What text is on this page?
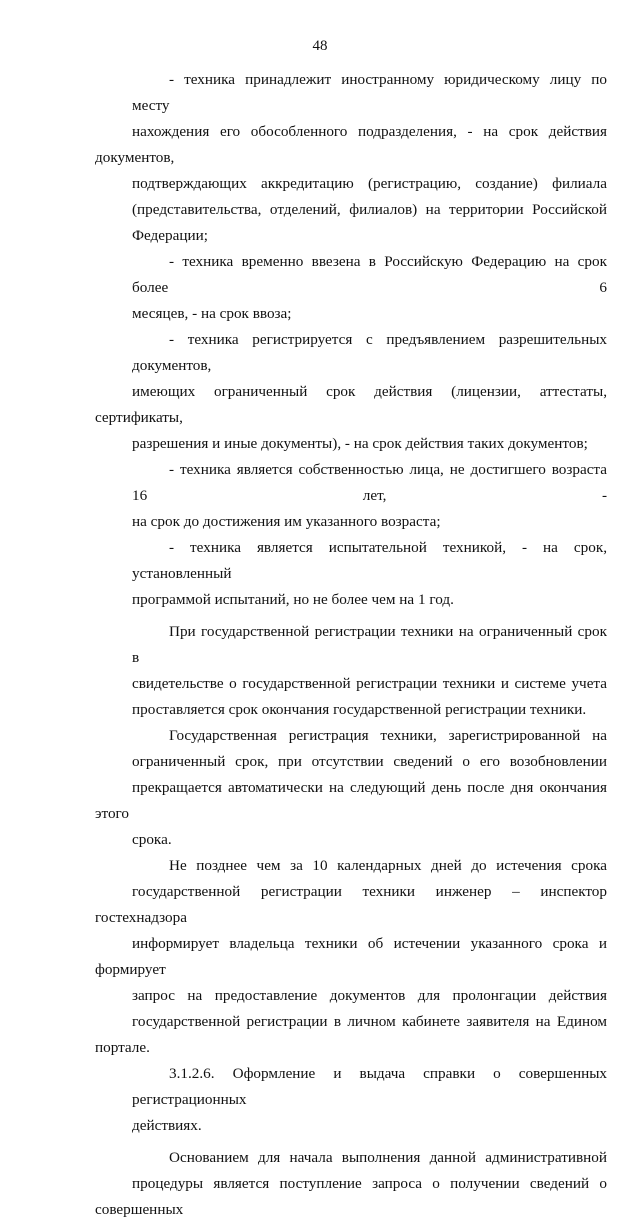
48
- техника принадлежит иностранному юридическому лицу по месту
нахождения его обособленного подразделения, - на срок действия документов,
подтверждающих аккредитацию (регистрацию, создание) филиала
(представительства, отделений, филиалов) на территории Российской
Федерации;
- техника временно ввезена в Российскую Федерацию на срок более 6
месяцев, - на срок ввоза;
- техника регистрируется с предъявлением разрешительных документов,
имеющих ограниченный срок действия (лицензии, аттестаты, сертификаты,
разрешения и иные документы), - на срок действия таких документов;
- техника является собственностью лица, не достигшего возраста 16 лет, -
на срок до достижения им указанного возраста;
- техника является испытательной техникой, - на срок, установленный
программой испытаний, но не более чем на 1 год.
При государственной регистрации техники на ограниченный срок в
свидетельстве о государственной регистрации техники и системе учета
проставляется срок окончания государственной регистрации техники.
Государственная регистрация техники, зарегистрированной на
ограниченный срок, при отсутствии сведений о его возобновлении
прекращается автоматически на следующий день после дня окончания этого
срока.
Не позднее чем за 10 календарных дней до истечения срока
государственной регистрации техники инженер – инспектор гостехнадзора
информирует владельца техники об истечении указанного срока и формирует
запрос на предоставление документов для пролонгации действия
государственной регистрации в личном кабинете заявителя на Едином портале.
3.1.2.6. Оформление и выдача справки о совершенных регистрационных
действиях.
Основанием для начала выполнения данной административной
процедуры является поступление запроса о получении сведений о совершенных
